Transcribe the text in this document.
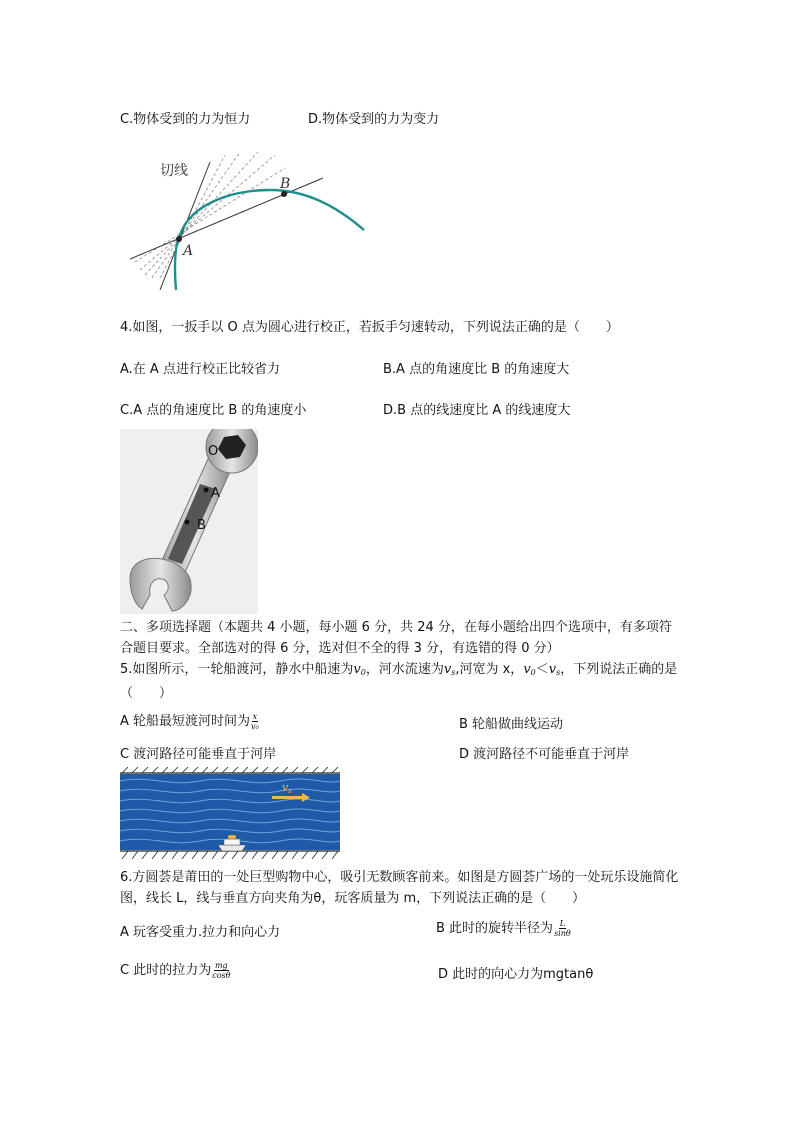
C.物体受到的力为恒力	D.物体受到的力为变力
切线
A
B
4.如图，一扳手以 O 点为圆心进行校正，若扳手匀速转动，下列说法正确的是（　　）
A.在 A 点进行校正比较省力	B.A 点的角速度比 B 的角速度大
C.A 点的角速度比 B 的角速度小	D.B 点的线速度比 A 的线速度大
O
A
B
二、多项选择题（本题共 4 小题，每小题 6 分，共 24 分，在每小题给出四个选项中，有多项符合题目要求。全部选对的得 6 分，选对但不全的得 3 分，有选错的得 0 分）
5.如图所示，一轮船渡河，静水中船速为$v_0$，河水流速为$v_s$,河宽为 x，$v_0<v_s$，下列说法正确的是（　　）
A 轮船最短渡河时间为 $\frac{x}{\text{v₀}}$	B 轮船做曲线运动
C 渡河路径可能垂直于河岸	D 渡河路径不可能垂直于河岸
vs
6.方圆荟是莆田的一处巨型购物中心，吸引无数顾客前来。如图是方圆荟广场的一处玩乐设施简化图，线长 L，线与垂直方向夹角为θ，玩客质量为 m，下列说法正确的是（　　）
A 玩客受重力.拉力和向心力	B 此时的旋转半径为 $\frac{L}{\sin\theta}$
C 此时的拉力为 $\frac{mg}{\cos\theta}$	D 此时的向心力为mgtanθ
